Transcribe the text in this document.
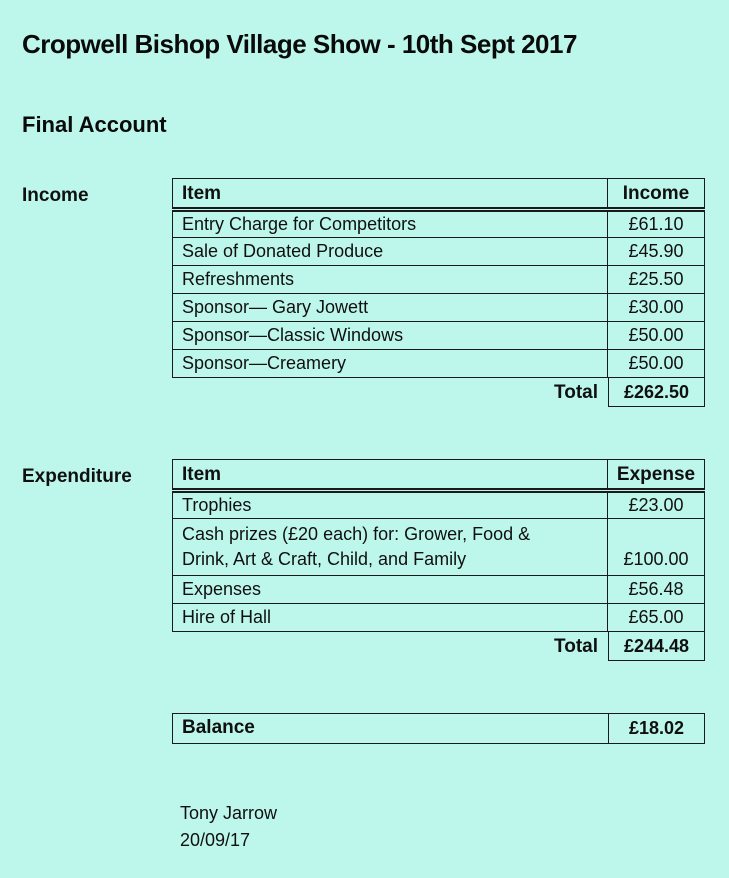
Cropwell Bishop Village Show - 10th Sept 2017
Final Account
Income	Item	Income
Entry Charge for Competitors	£61.10
Sale of Donated Produce	£45.90
Refreshments	£25.50
Sponsor— Gary Jowett	£30.00
Sponsor—Classic Windows	£50.00
Sponsor—Creamery	£50.00
Total	£262.50
Expenditure	Item	Expense
Trophies	£23.00

Cash prizes (£20 each) for: Grower, Food &
Drink, Art & Craft, Child, and Family	£100.00
Expenses	£56.48
Hire of Hall	£65.00
Total	£244.48
Balance	£18.02
Tony Jarrow
20/09/17
